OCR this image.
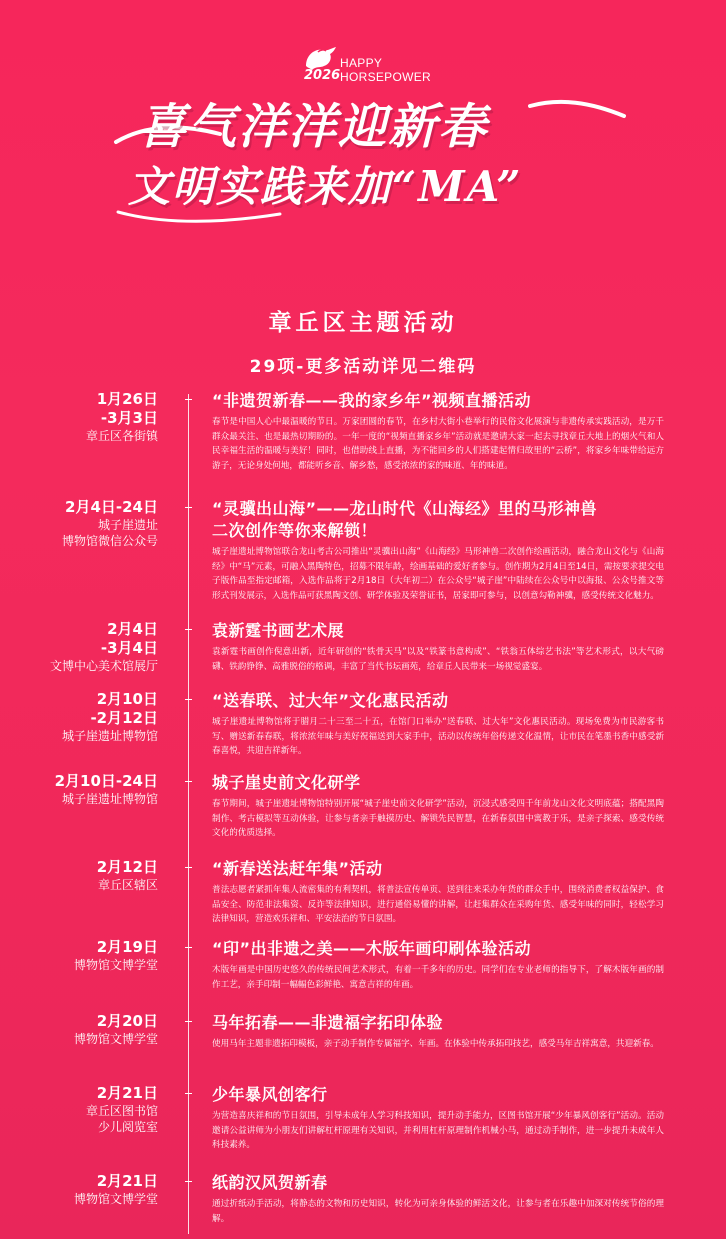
2026
HAPPY
HORSEPOWER
喜气洋洋迎新春
文明实践来加“MA”
章丘区主题活动
29项-更多活动详见二维码
1月26日
-3月3日
章丘区各街镇
“非遗贺新春——我的家乡年”视频直播活动
春节是中国人心中最温暖的节日。万家团圆的春节，在乡村大街小巷举行的民俗文化展演与非遗传承实践活动，是万千群众最关注、也是最热切期盼的。一年一度的“视频直播家乡年”活动就是邀请大家一起去寻找章丘大地上的烟火气和人民幸福生活的温暖与美好！同时，也借助线上直播，为不能回乡的人们搭建起情归故里的“云桥”，将家乡年味带给远方游子，无论身处何地，都能听乡音、解乡愁，感受浓浓的家的味道、年的味道。
2月4日-24日
城子崖遗址
博物馆微信公众号
“灵骥出山海”——龙山时代《山海经》里的马形神兽
二次创作等你来解锁！
城子崖遗址博物馆联合龙山考古公司推出“灵骥出山海”《山海经》马形神兽二次创作绘画活动，融合龙山文化与《山海经》中“马”元素，可融入黑陶特色，招募不限年龄，绘画基础的爱好者参与。创作期为2月4日至14日，需按要求提交电子版作品至指定邮箱，入选作品将于2月18日（大年初二）在公众号“城子崖”中陆续在公众号中以海报、公众号推文等形式刊发展示，入选作品可获黑陶文创、研学体验及荣誉证书，居家即可参与，以创意勾勒神骥，感受传统文化魅力。
2月4日
-3月4日
文博中心美术馆展厅
袁新霆书画艺术展
袁新霆书画创作倪意出新，近年研创的“铁骨天马”以及“铁篆书意构成”、“铁翁五体综艺书法”等艺术形式，以大气磅礴、铁韵铮铮、高雅脱俗的格调，丰富了当代书坛画苑，给章丘人民带来一场视觉盛宴。
2月10日
-2月12日
城子崖遗址博物馆
“送春联、过大年”文化惠民活动
城子崖遗址博物馆将于腊月二十三至二十五，在馆门口举办“送春联、过大年”文化惠民活动。现场免费为市民游客书写、赠送新春春联，将浓浓年味与美好祝福送到大家手中，活动以传统年俗传递文化温情，让市民在笔墨书香中感受新春喜悦，共迎吉祥新年。
2月10日-24日
城子崖遗址博物馆
城子崖史前文化研学
春节期间，城子崖遗址博物馆特别开展“城子崖史前文化研学”活动，沉浸式感受四千年前龙山文化文明底蕴；搭配黑陶制作、考古模拟等互动体验，让参与者亲手触摸历史、解锁先民智慧，在新春氛围中寓教于乐，是亲子探索、感受传统文化的优质选择。
2月12日
章丘区辖区
“新春送法赶年集”活动
普法志愿者紧抓年集人流密集的有利契机，将普法宣传单页、送到往来采办年货的群众手中，围绕消费者权益保护、食品安全、防范非法集资、反诈等法律知识，进行通俗易懂的讲解，让赶集群众在采购年货、感受年味的同时，轻松学习法律知识，营造欢乐祥和、平安法治的节日氛围。
2月19日
博物馆文博学堂
“印”出非遗之美——木版年画印刷体验活动
木版年画是中国历史悠久的传统民间艺术形式，有着一千多年的历史。同学们在专业老师的指导下，了解木版年画的制作工艺，亲手印制一幅幅色彩鲜艳、寓意吉祥的年画。
2月20日
博物馆文博学堂
马年拓春——非遗福字拓印体验
使用马年主题非遗拓印模板，亲子动手制作专属福字、年画。在体验中传承拓印技艺，感受马年吉祥寓意，共迎新春。
2月21日
章丘区图书馆
少儿阅览室
少年暴风创客行
为营造喜庆祥和的节日氛围，引导未成年人学习科技知识，提升动手能力，区图书馆开展“少年暴风创客行”活动。活动邀请公益讲师为小朋友们讲解杠杆原理有关知识，并利用杠杆原理制作机械小马，通过动手制作，进一步提升未成年人科技素养。
2月21日
博物馆文博学堂
纸韵汉风贺新春
通过折纸动手活动，将静态的文物和历史知识，转化为可亲身体验的鲜活文化，让参与者在乐趣中加深对传统节俗的理解。
